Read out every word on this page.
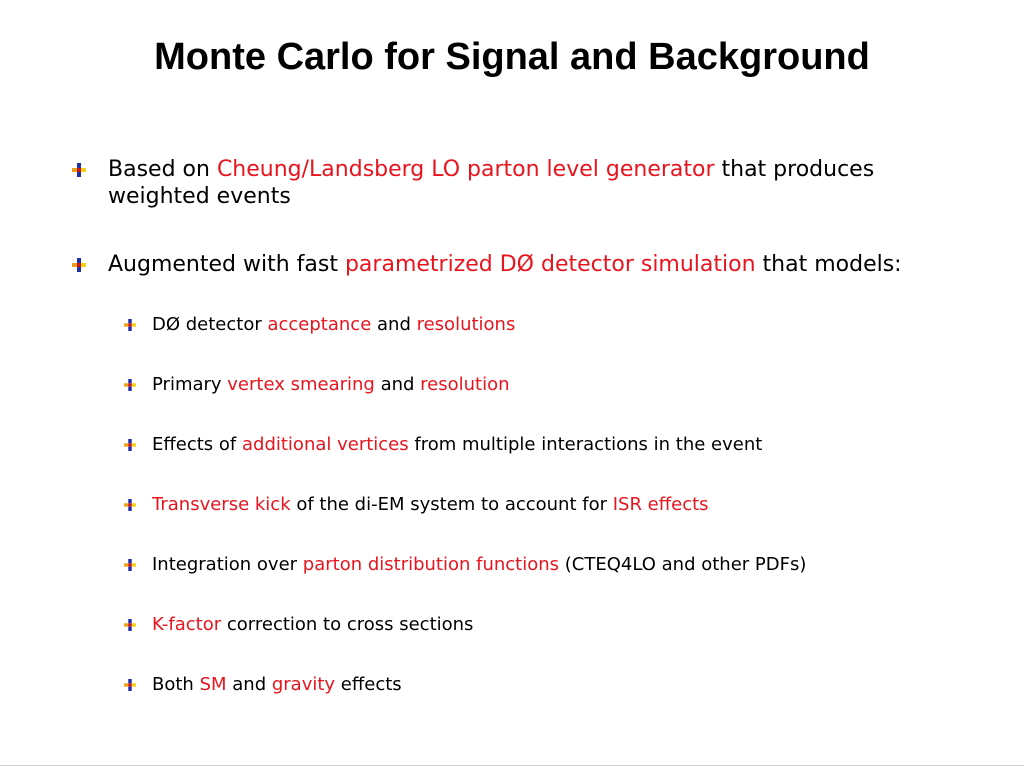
Monte Carlo for Signal and Background
Based on Cheung/Landsberg LO parton level generator that produces weighted events
Augmented with fast parametrized DØ detector simulation that models:
DØ detector acceptance and resolutions
Primary vertex smearing and resolution
Effects of additional vertices from multiple interactions in the event
Transverse kick of the di-EM system to account for ISR effects
Integration over parton distribution functions (CTEQ4LO and other PDFs)
K-factor correction to cross sections
Both SM and gravity effects
